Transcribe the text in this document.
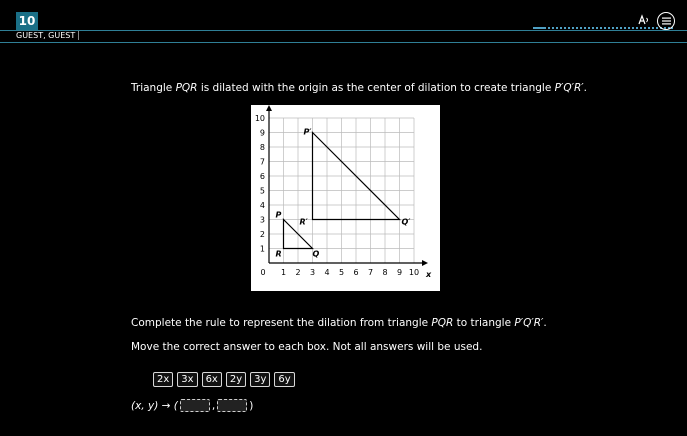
10
GUEST, GUEST
Triangle PQR is dilated with the origin as the center of dilation to create triangle P′Q′R′.
x
y
1 2 3 4 5 6 7 8 9 10
1
2
3
4
5
6
7
8
9
10
0
P
Q
R
P′
Q′
R′
Complete the rule to represent the dilation from triangle PQR to triangle P′Q′R′.
Move the correct answer to each box. Not all answers will be used.
2x	3x	6x	2y	3y	6y
(x, y) → (	,	)
